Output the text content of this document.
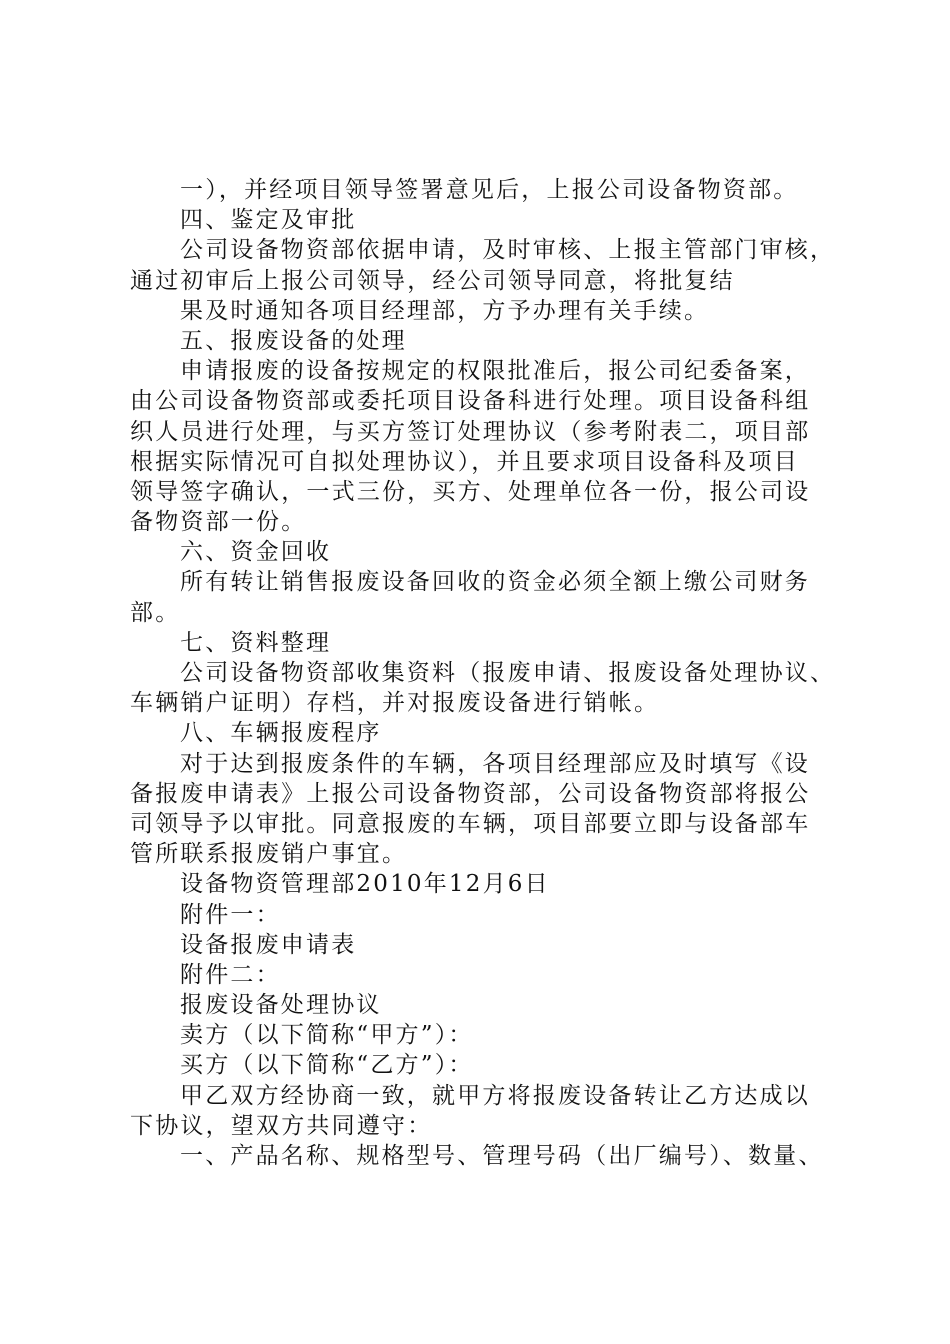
一），并经项目领导签署意见后，上报公司设备物资部。
四、鉴定及审批
公司设备物资部依据申请，及时审核、上报主管部门审核，
通过初审后上报公司领导，经公司领导同意，将批复结
果及时通知各项目经理部，方予办理有关手续。
五、报废设备的处理
申请报废的设备按规定的权限批准后，报公司纪委备案，
由公司设备物资部或委托项目设备科进行处理。项目设备科组
织人员进行处理，与买方签订处理协议（参考附表二，项目部
根据实际情况可自拟处理协议），并且要求项目设备科及项目
领导签字确认，一式三份，买方、处理单位各一份，报公司设
备物资部一份。
六、资金回收
所有转让销售报废设备回收的资金必须全额上缴公司财务
部。
七、资料整理
公司设备物资部收集资料（报废申请、报废设备处理协议、
车辆销户证明）存档，并对报废设备进行销帐。
八、车辆报废程序
对于达到报废条件的车辆，各项目经理部应及时填写《设
备报废申请表》上报公司设备物资部，公司设备物资部将报公
司领导予以审批。同意报废的车辆，项目部要立即与设备部车
管所联系报废销户事宜。
设备物资管理部2010年12月6日
附件一：
设备报废申请表
附件二：
报废设备处理协议
卖方（以下简称“甲方”）：
买方（以下简称“乙方”）：
甲乙双方经协商一致，就甲方将报废设备转让乙方达成以
下协议，望双方共同遵守：
一、产品名称、规格型号、管理号码（出厂编号）、数量、
